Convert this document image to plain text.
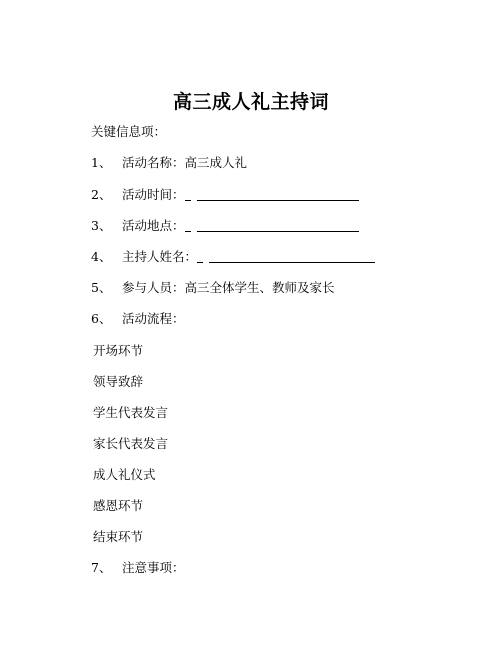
高三成人礼主持词
关键信息项：
1、 活动名称：高三成人礼
2、 活动时间：
3、 活动地点：
4、 主持人姓名：
5、 参与人员：高三全体学生、教师及家长
6、 活动流程：
开场环节
领导致辞
学生代表发言
家长代表发言
成人礼仪式
感恩环节
结束环节
7、 注意事项：
